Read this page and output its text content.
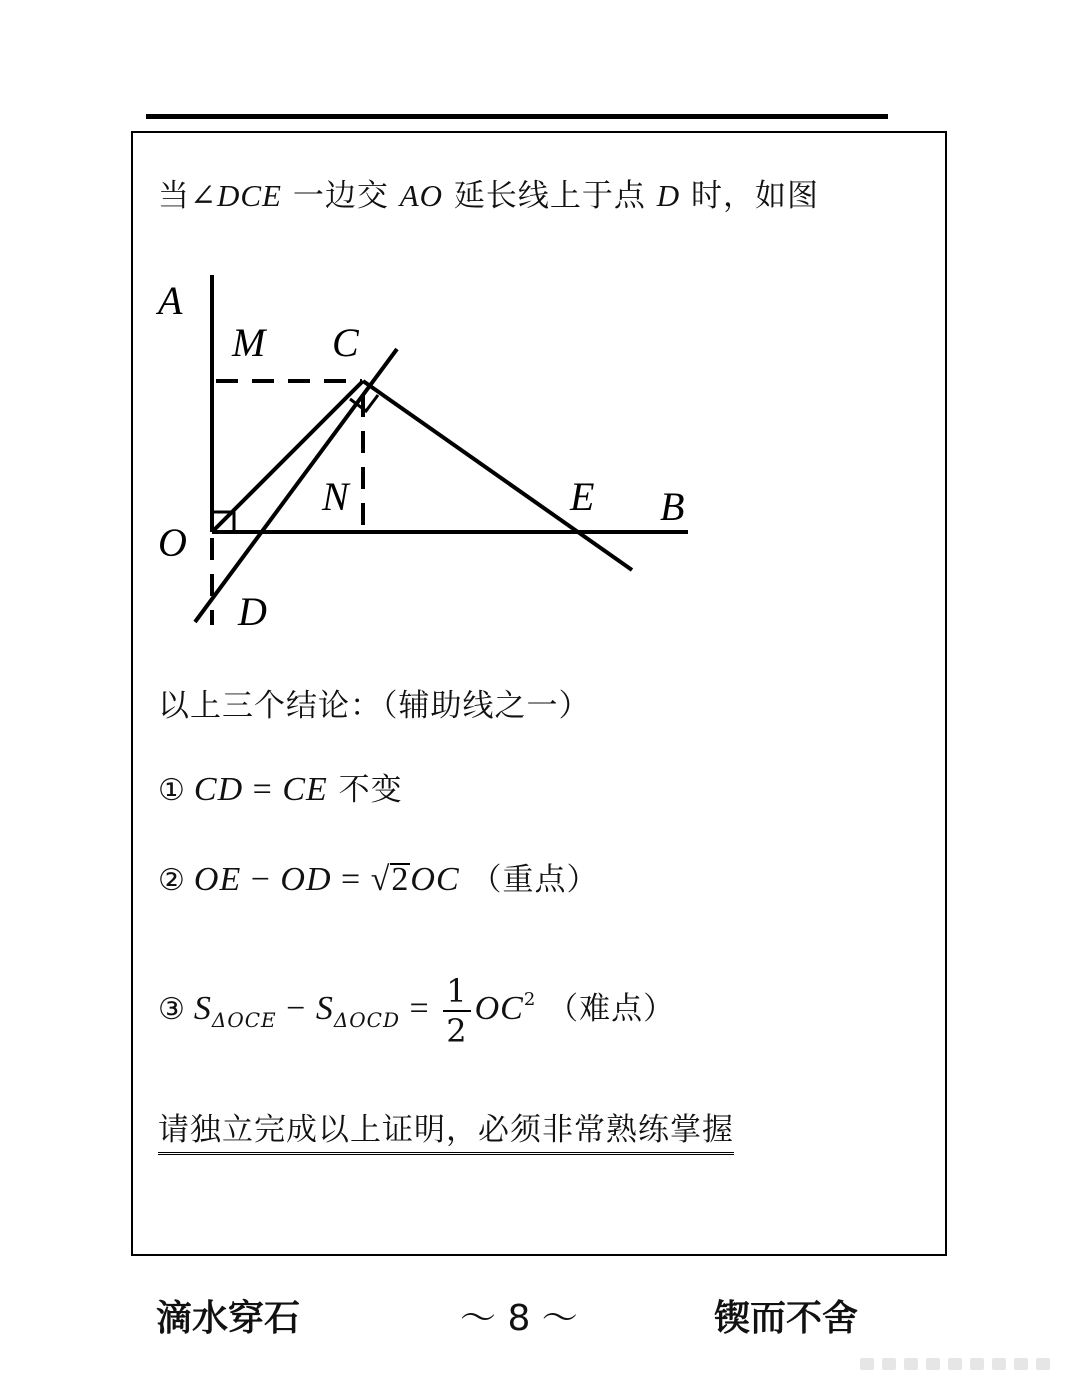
当∠DCE 一边交 AO 延长线上于点 D 时，如图
A
M C
N	E B
O
D
以上三个结论：（辅助线之一）
① CD = CE 不变
② OE − OD = √2OC （重点）
③ $S_{\Delta OCE} - S_{\Delta OCD} = \frac{1}{2} OC^2$ （难点）
请独立完成以上证明，必须非常熟练掌握
滴水穿石	～ 8 ～	锲而不舍
